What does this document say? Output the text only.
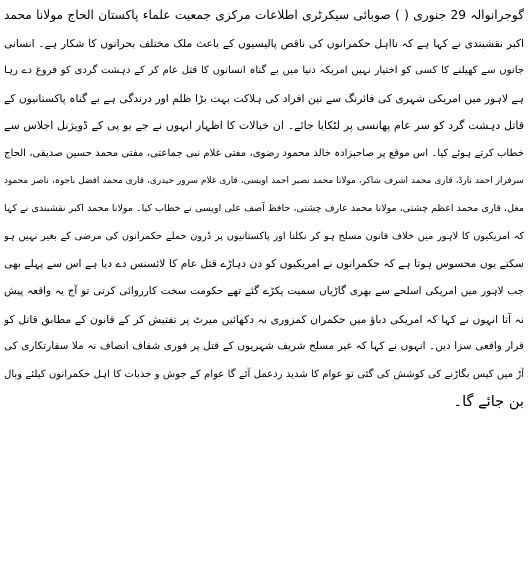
گوجرانوالہ 29 جنوری ( ) صوبائی سیکرٹری اطلاعات مرکزی جمعیت علماء پاکستان الحاج مولانا محمد
اکبر نقشبندی نے کہا ہے کہ نااہل حکمرانوں کی ناقص پالیسیوں کے باعث ملک مختلف بحرانوں کا شکار ہے۔ انسانی
جانوں سے کھیلنے کا کسی کو اختیار نہیں امریکہ دنیا میں بے گناہ انسانوں کا قتل عام کر کے دہشت گردی کو فروغ دے رہا
ہے لاہور میں امریکی شہری کی فائرنگ سے تین افراد کی ہلاکت بہت بڑا ظلم اور درندگی ہے بے گناہ پاکستانیوں کے
قاتل دہشت گرد کو سر عام پھانسی پر لٹکایا جائے۔ ان خیالات کا اظہار انہوں نے جے یو پی کے ڈویژنل اجلاس سے
خطاب کرتے ہوئے کیا۔ اس موقع پر صاحبزادہ خالد محمود رضوی، مفتی غلام نبی جماعتی، مفتی محمد حسین صدیقی، الحاج
سرفراز احمد نارڈ، قاری محمد اشرف شاکر، مولانا محمد نصیر احمد اویسی، قاری غلام سرور حیدری، قاری محمد افضل باجوہ، ناصر محمود
مغل، قاری محمد اعظم چشتی، مولانا محمد عارف چشتی، حافظ آصف علی اویسی نے خطاب کیا۔ مولانا محمد اکبر نقشبندی نے کہا
کہ امریکیوں کا لاہور میں خلاف قانون مسلح ہو کر نکلنا اور پاکستانیوں پر ڈرون حملے حکمرانوں کی مرضی کے بغیر نہیں ہو
سکتے یوں محسوس ہوتا ہے کہ حکمرانوں نے امریکیوں کو دن دہاڑے قتل عام کا لائسنس دے دیا ہے اس سے پہلے بھی
جب لاہور میں امریکی اسلحے سے بھری گاڑیاں سمیت پکڑے گئے تھے حکومت سخت کارروائی کرتی تو آج یہ واقعہ پیش
نہ آتا انہوں نے کہا کہ امریکی دباؤ میں حکمران کمزوری نہ دکھائیں میرٹ پر تفتیش کر کے قانون کے مطابق قاتل کو
قرار واقعی سزا دیں۔ انہوں نے کہا کہ غیر مسلح شریف شہریوں کے قتل پر فوری شفاف انصاف نہ ملا سفارتکاری کی
آڑ میں کیس بگاڑنے کی کوشش کی گئی تو عوام کا شدید ردعمل آئے گا عوام کے جوش و جذبات کا اہل حکمرانوں کیلئے وبال
بن جائے گا۔
